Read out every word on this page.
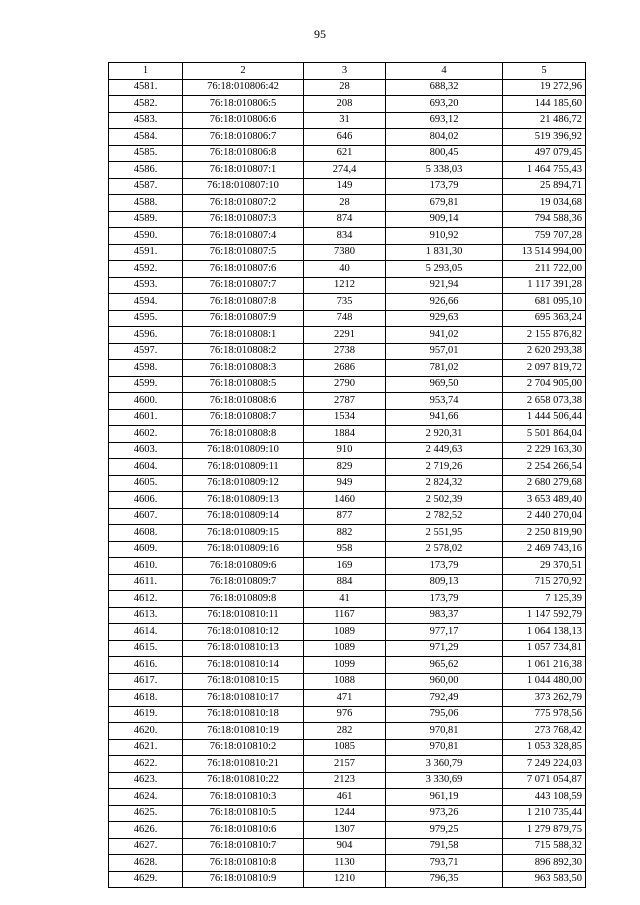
95
1	2	3	4	5
4581.	76:18:010806:42	28	688,32	19 272,96
4582.	76:18:010806:5	208	693,20	144 185,60
4583.	76:18:010806:6	31	693,12	21 486,72
4584.	76:18:010806:7	646	804,02	519 396,92
4585.	76:18:010806:8	621	800,45	497 079,45
4586.	76:18:010807:1	274,4	5 338,03	1 464 755,43
4587.	76:18:010807:10	149	173,79	25 894,71
4588.	76:18:010807:2	28	679,81	19 034,68
4589.	76:18:010807:3	874	909,14	794 588,36
4590.	76:18:010807:4	834	910,92	759 707,28
4591.	76:18:010807:5	7380	1 831,30	13 514 994,00
4592.	76:18:010807:6	40	5 293,05	211 722,00
4593.	76:18:010807:7	1212	921,94	1 117 391,28
4594.	76:18:010807:8	735	926,66	681 095,10
4595.	76:18:010807:9	748	929,63	695 363,24
4596.	76:18:010808:1	2291	941,02	2 155 876,82
4597.	76:18:010808:2	2738	957,01	2 620 293,38
4598.	76:18:010808:3	2686	781,02	2 097 819,72
4599.	76:18:010808:5	2790	969,50	2 704 905,00
4600.	76:18:010808:6	2787	953,74	2 658 073,38
4601.	76:18:010808:7	1534	941,66	1 444 506,44
4602.	76:18:010808:8	1884	2 920,31	5 501 864,04
4603.	76:18:010809:10	910	2 449,63	2 229 163,30
4604.	76:18:010809:11	829	2 719,26	2 254 266,54
4605.	76:18:010809:12	949	2 824,32	2 680 279,68
4606.	76:18:010809:13	1460	2 502,39	3 653 489,40
4607.	76:18:010809:14	877	2 782,52	2 440 270,04
4608.	76:18:010809:15	882	2 551,95	2 250 819,90
4609.	76:18:010809:16	958	2 578,02	2 469 743,16
4610.	76:18:010809:6	169	173,79	29 370,51
4611.	76:18:010809:7	884	809,13	715 270,92
4612.	76:18:010809:8	41	173,79	7 125,39
4613.	76:18:010810:11	1167	983,37	1 147 592,79
4614.	76:18:010810:12	1089	977,17	1 064 138,13
4615.	76:18:010810:13	1089	971,29	1 057 734,81
4616.	76:18:010810:14	1099	965,62	1 061 216,38
4617.	76:18:010810:15	1088	960,00	1 044 480,00
4618.	76:18:010810:17	471	792,49	373 262,79
4619.	76:18:010810:18	976	795,06	775 978,56
4620.	76:18:010810:19	282	970,81	273 768,42
4621.	76:18:010810:2	1085	970,81	1 053 328,85
4622.	76:18:010810:21	2157	3 360,79	7 249 224,03
4623.	76:18:010810:22	2123	3 330,69	7 071 054,87
4624.	76:18:010810:3	461	961,19	443 108,59
4625.	76:18:010810:5	1244	973,26	1 210 735,44
4626.	76:18:010810:6	1307	979,25	1 279 879,75
4627.	76:18:010810:7	904	791,58	715 588,32
4628.	76:18:010810:8	1130	793,71	896 892,30
4629.	76:18:010810:9	1210	796,35	963 583,50
